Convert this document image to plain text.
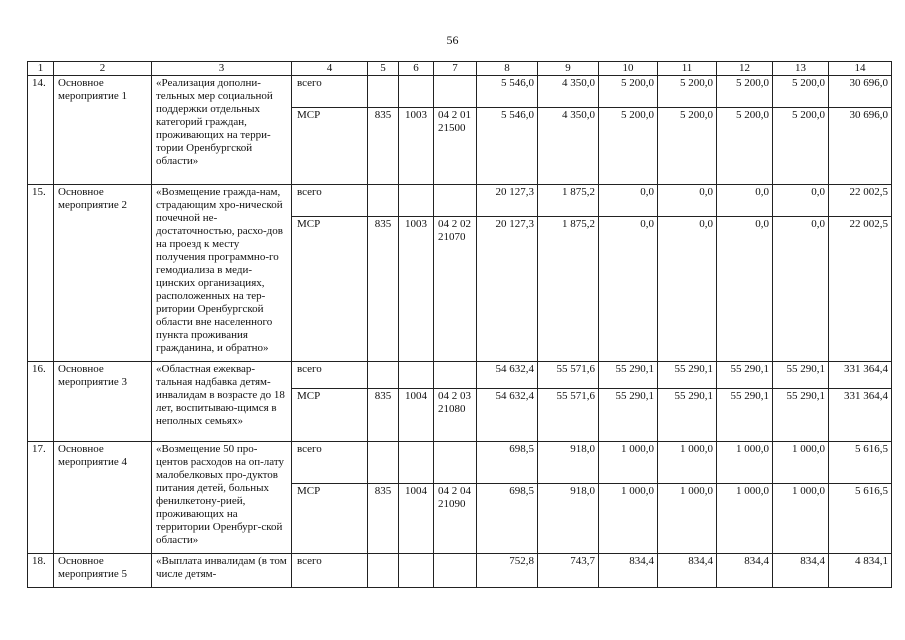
56
1	2	3	4	5	6	7	8	9	10	11	12	13	14
14.	Основное мероприятие 1	«Реализация дополни-тельных мер социальной поддержки отдельных категорий граждан, проживающих на терри-тории Оренбургской области»	всего				5 546,0	4 350,0	5 200,0	5 200,0	5 200,0	5 200,0	30 696,0
			МСР	835	1003	04 2 01 21500	5 546,0	4 350,0	5 200,0	5 200,0	5 200,0	5 200,0	30 696,0
15.	Основное мероприятие 2	«Возмещение гражда-нам, страдающим хро-нической почечной не-достаточностью, расхо-дов на проезд к месту получения программно-го гемодиализа в меди-цинских организациях, расположенных на тер-ритории Оренбургской области вне населенного пункта проживания гражданина, и обратно»	всего				20 127,3	1 875,2	0,0	0,0	0,0	0,0	22 002,5
			МСР	835	1003	04 2 02 21070	20 127,3	1 875,2	0,0	0,0	0,0	0,0	22 002,5
16.	Основное мероприятие 3	«Областная ежеквар-тальная надбавка детям-инвалидам в возрасте до 18 лет, воспитываю-щимся в неполных семьях»	всего				54 632,4	55 571,6	55 290,1	55 290,1	55 290,1	55 290,1	331 364,4
			МСР	835	1004	04 2 03 21080	54 632,4	55 571,6	55 290,1	55 290,1	55 290,1	55 290,1	331 364,4
17.	Основное мероприятие 4	«Возмещение 50 про-центов расходов на оп-лату малобелковых про-дуктов питания детей, больных фенилкетону-рией, проживающих на территории Оренбург-ской области»	всего				698,5	918,0	1 000,0	1 000,0	1 000,0	1 000,0	5 616,5
			МСР	835	1004	04 2 04 21090	698,5	918,0	1 000,0	1 000,0	1 000,0	1 000,0	5 616,5
18.	Основное мероприятие 5	«Выплата инвалидам (в том числе детям-	всего				752,8	743,7	834,4	834,4	834,4	834,4	4 834,1
